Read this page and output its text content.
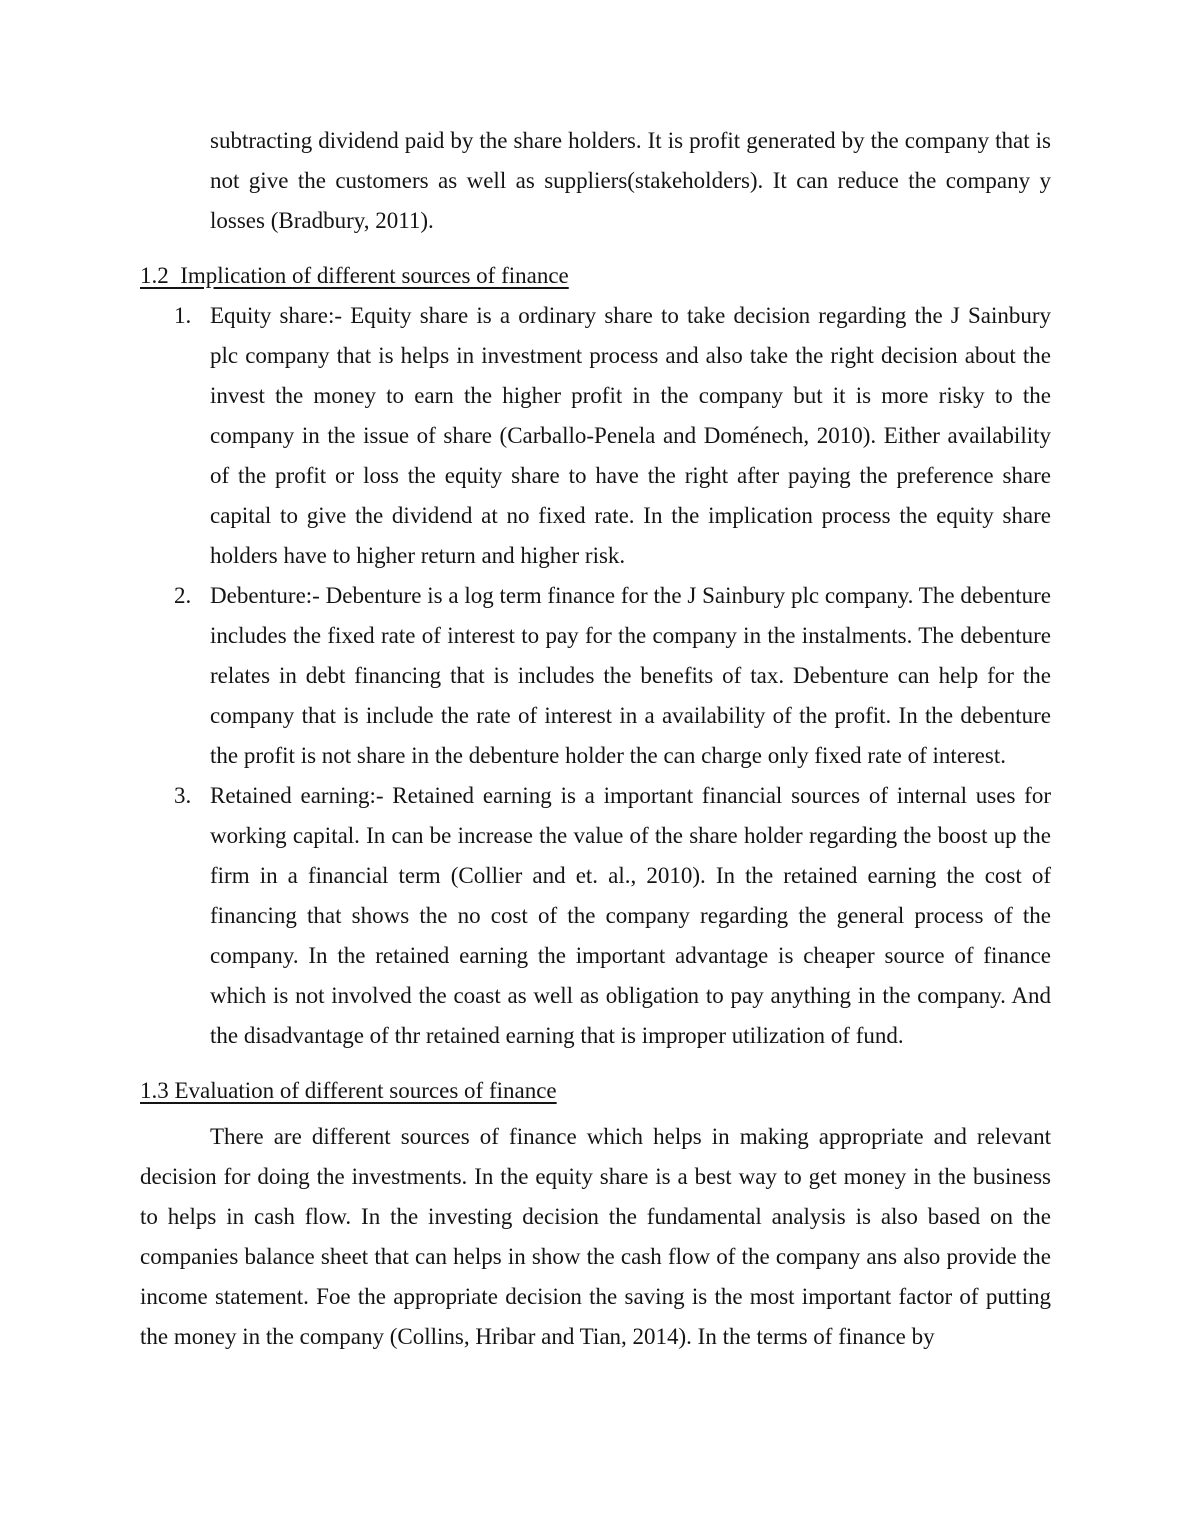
subtracting dividend paid by the share holders. It is profit generated by the company that is not give the customers as well as suppliers(stakeholders). It can reduce the company y losses (Bradbury, 2011).

1.2  Implication of different sources of finance
1. Equity share:- Equity share is a ordinary share to take decision regarding the J Sainbury plc company that is helps in investment process and also take the right decision about the invest the money to earn the higher profit in the company but it is more risky to the company in the issue of share (Carballo-Penela and Doménech, 2010). Either availability of the profit or loss the equity share to have the right after paying the preference share capital to give the dividend at no fixed rate. In the implication process the equity share holders have to higher return and higher risk.
2. Debenture:- Debenture is a log term finance for the J Sainbury plc company. The debenture includes the fixed rate of interest to pay for the company in the instalments. The debenture relates in debt financing that is includes the benefits of tax. Debenture can help for the company that is include the rate of interest in a availability of the profit. In the debenture the profit is not share in the debenture holder the can charge only fixed rate of interest.
3. Retained earning:- Retained earning is a important financial sources of internal uses for working capital. In can be increase the value of the share holder regarding the boost up the firm in a financial term (Collier and et. al., 2010). In the retained earning the cost of financing that shows the no cost of the company regarding the general process of the company. In the retained earning the important advantage is cheaper source of finance which is not involved the coast as well as obligation to pay anything in the company. And the disadvantage of thr retained earning that is improper utilization of fund.
1.3 Evaluation of different sources of finance

There are different sources of finance which helps in making appropriate and relevant decision for doing the investments. In the equity share is a best way to get money in the business to helps in cash flow. In the investing decision the fundamental analysis is also based on the companies balance sheet that can helps in show the cash flow of the company ans also provide the income statement. Foe the appropriate decision the saving is the most important factor of putting the money in the company (Collins, Hribar and Tian, 2014). In the terms of finance by
